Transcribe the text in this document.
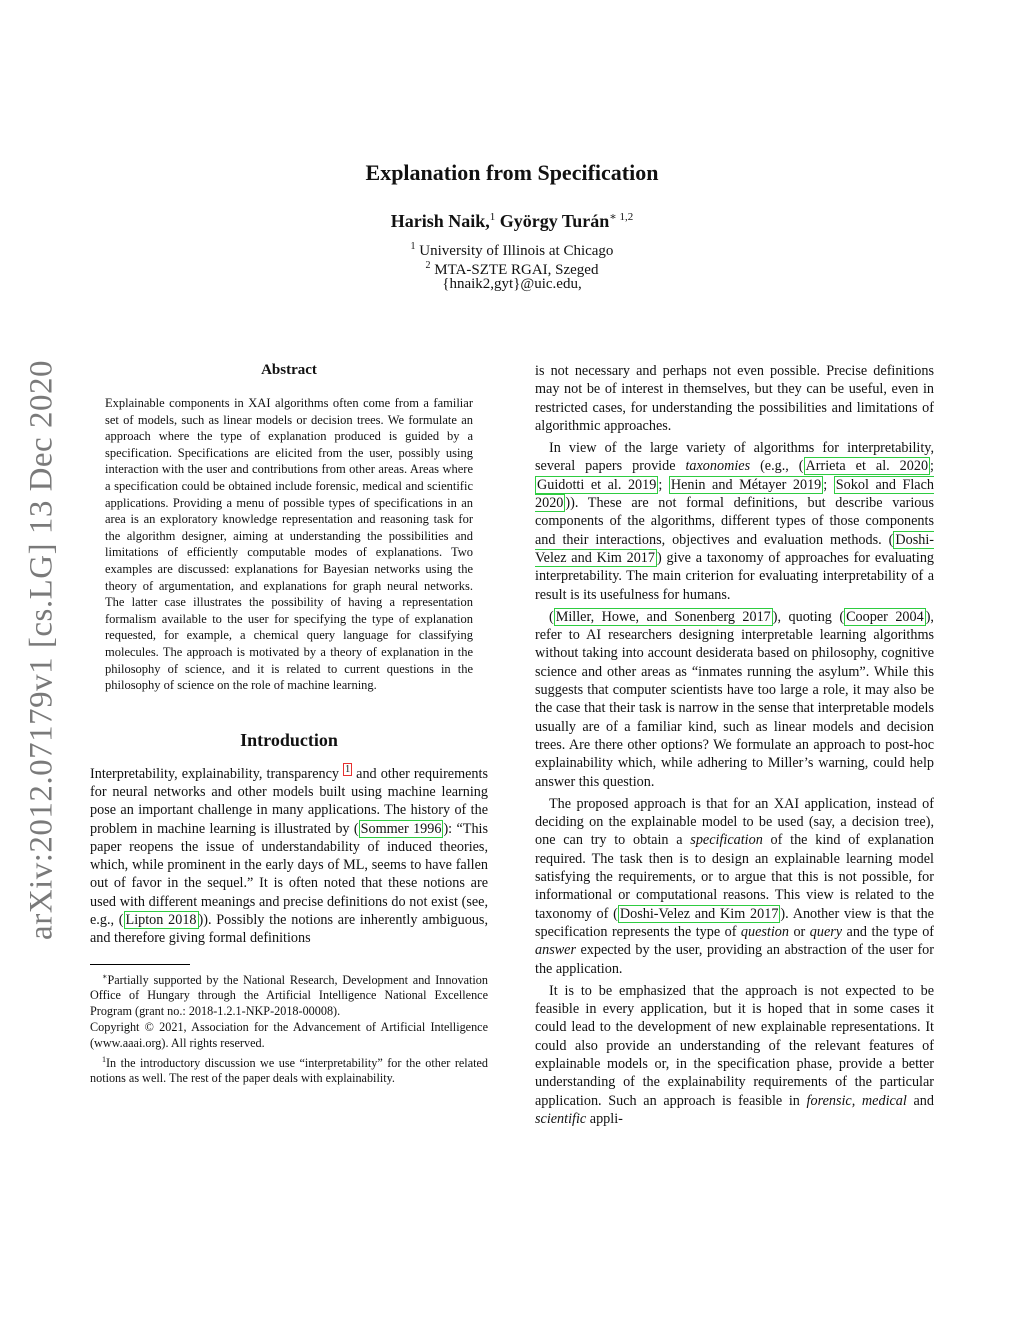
arXiv:2012.07179v1 [cs.LG] 13 Dec 2020
Explanation from Specification
Harish Naik,$^1$ György Turán$^{∗ 1,2}$
$^1$ University of Illinois at Chicago
$^2$ MTA-SZTE RGAI, Szeged
{hnaik2,gyt}@uic.edu,
Abstract

Explainable components in XAI algorithms often come from a familiar set of models, such as linear models or decision trees. We formulate an approach where the type of explanation produced is guided by a specification. Specifications are elicited from the user, possibly using interaction with the user and contributions from other areas. Areas where a specification could be obtained include forensic, medical and scientific applications. Providing a menu of possible types of specifications in an area is an exploratory knowledge representation and reasoning task for the algorithm designer, aiming at understanding the possibilities and limitations of efficiently computable modes of explanations. Two examples are discussed: explanations for Bayesian networks using the theory of argumentation, and explanations for graph neural networks. The latter case illustrates the possibility of having a representation formalism available to the user for specifying the type of explanation requested, for example, a chemical query language for classifying molecules. The approach is motivated by a theory of explanation in the philosophy of science, and it is related to current questions in the philosophy of science on the role of machine learning.

Introduction

Interpretability, explainability, transparency $^1$ and other requirements for neural networks and other models built using machine learning pose an important challenge in many applications. The history of the problem in machine learning is illustrated by ( Sommer 1996 ): “This paper reopens the issue of understandability of induced theories, which, while prominent in the early days of ML, seems to have fallen out of favor in the sequel.” It is often noted that these notions are used with different meanings and precise definitions do not exist (see, e.g., ( Lipton 2018 )). Possibly the notions are inherently ambiguous, and therefore giving formal definitions

∗Partially supported by the National Research, Development and Innovation Office of Hungary through the Artificial Intelligence National Excellence Program (grant no.: 2018-1.2.1-NKP-2018-00008).

Copyright © 2021, Association for the Advancement of Artificial Intelligence (www.aaai.org). All rights reserved.

$^1$In the introductory discussion we use “interpretability” for the other related notions as well. The rest of the paper deals with explainability.

is not necessary and perhaps not even possible. Precise definitions may not be of interest in themselves, but they can be useful, even in restricted cases, for understanding the possibilities and limitations of algorithmic approaches.

In view of the large variety of algorithms for interpretability, several papers provide taxonomies (e.g., ( Arrieta et al. 2020 ; Guidotti et al. 2019 ; Henin and Métayer 2019 ; Sokol and Flach 2020 )). These are not formal definitions, but describe various components of the algorithms, different types of those components and their interactions, objectives and evaluation methods. ( Doshi-Velez and Kim 2017 ) give a taxonomy of approaches for evaluating interpretability. The main criterion for evaluating interpretability of a result is its usefulness for humans.

( Miller, Howe, and Sonenberg 2017 ), quoting ( Cooper 2004 ), refer to AI researchers designing interpretable learning algorithms without taking into account desiderata based on philosophy, cognitive science and other areas as “inmates running the asylum”. While this suggests that computer scientists have too large a role, it may also be the case that their task is narrow in the sense that interpretable models usually are of a familiar kind, such as linear models and decision trees. Are there other options? We formulate an approach to post-hoc explainability which, while adhering to Miller’s warning, could help answer this question.

The proposed approach is that for an XAI application, instead of deciding on the explainable model to be used (say, a decision tree), one can try to obtain a specification of the kind of explanation required. The task then is to design an explainable learning model satisfying the requirements, or to argue that this is not possible, for informational or computational reasons. This view is related to the taxonomy of ( Doshi-Velez and Kim 2017 ). Another view is that the specification represents the type of question or query and the type of answer expected by the user, providing an abstraction of the user for the application.

It is to be emphasized that the approach is not expected to be feasible in every application, but it is hoped that in some cases it could lead to the development of new explainable representations. It could also provide an understanding of the relevant features of explainable models or, in the specification phase, provide a better understanding of the explainability requirements of the particular application. Such an approach is feasible in forensic, medical and scientific appli-
